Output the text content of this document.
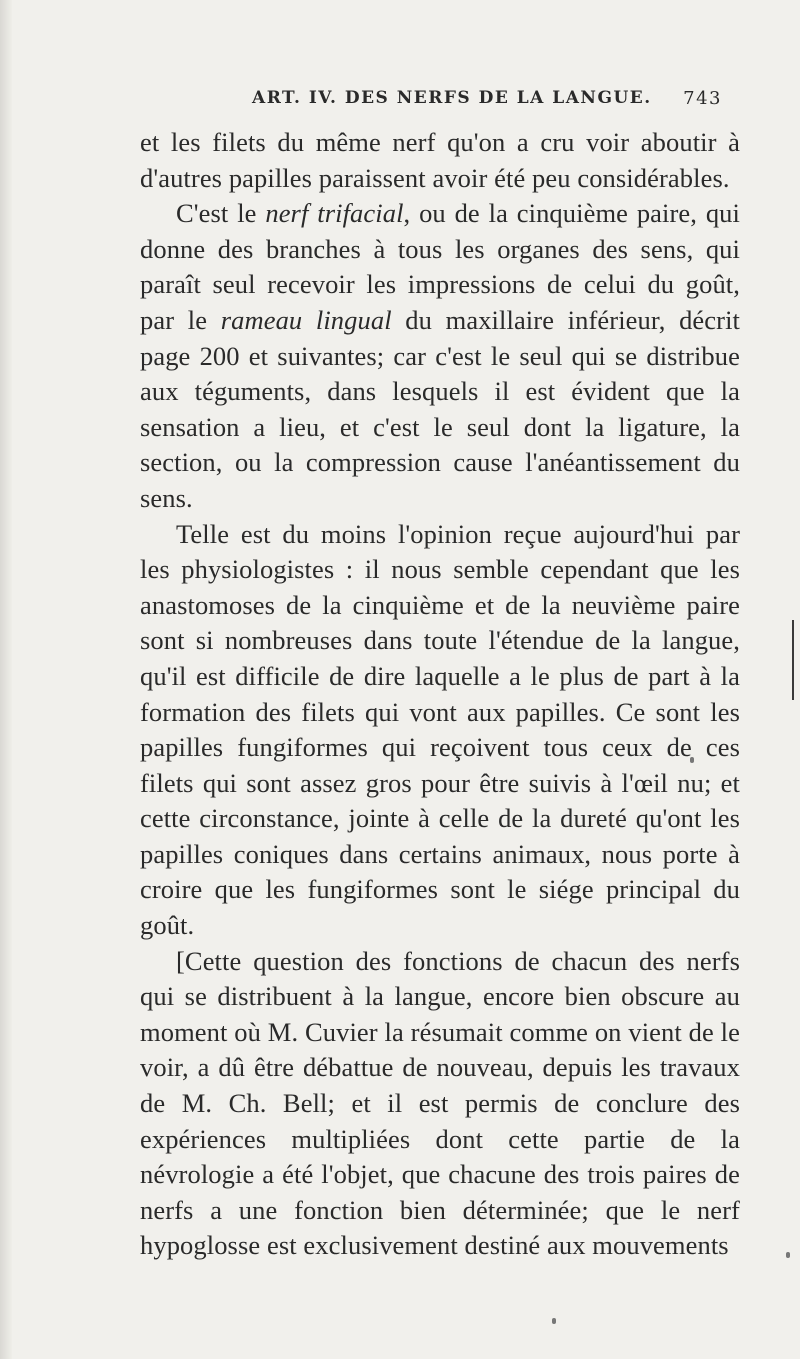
ART. IV. DES NERFS DE LA LANGUE. 743

et les filets du même nerf qu'on a cru voir aboutir à d'autres papilles paraissent avoir été peu considérables.

C'est le nerf trifacial, ou de la cinquième paire, qui donne des branches à tous les organes des sens, qui paraît seul recevoir les impressions de celui du goût, par le rameau lingual du maxillaire inférieur, décrit page 200 et suivantes; car c'est le seul qui se distribue aux téguments, dans lesquels il est évident que la sensation a lieu, et c'est le seul dont la ligature, la section, ou la compression cause l'anéantissement du sens.

Telle est du moins l'opinion reçue aujourd'hui par les physiologistes : il nous semble cependant que les anastomoses de la cinquième et de la neuvième paire sont si nombreuses dans toute l'étendue de la langue, qu'il est difficile de dire laquelle a le plus de part à la formation des filets qui vont aux papilles. Ce sont les papilles fungiformes qui reçoivent tous ceux de ces filets qui sont assez gros pour être suivis à l'œil nu; et cette circonstance, jointe à celle de la dureté qu'ont les papilles coniques dans certains animaux, nous porte à croire que les fungiformes sont le siége principal du goût.

[Cette question des fonctions de chacun des nerfs qui se distribuent à la langue, encore bien obscure au moment où M. Cuvier la résumait comme on vient de le voir, a dû être débattue de nouveau, depuis les travaux de M. Ch. Bell; et il est permis de conclure des expériences multipliées dont cette partie de la névrologie a été l'objet, que chacune des trois paires de nerfs a une fonction bien déterminée; que le nerf hypoglosse est exclusivement destiné aux mouvements
